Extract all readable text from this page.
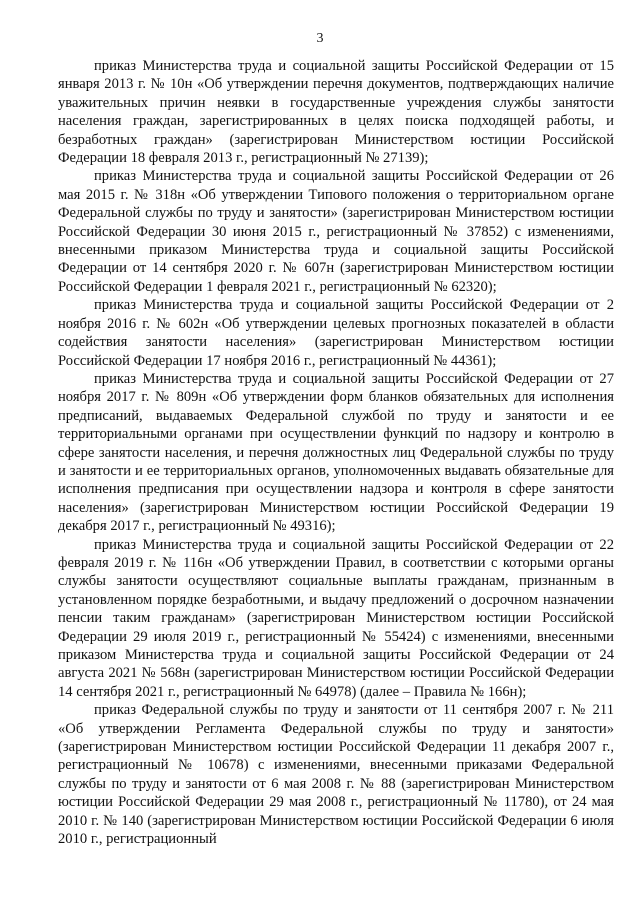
3

приказ Министерства труда и социальной защиты Российской Федерации от 15 января 2013 г. № 10н «Об утверждении перечня документов, подтверждающих наличие уважительных причин неявки в государственные учреждения службы занятости населения граждан, зарегистрированных в целях поиска подходящей работы, и безработных граждан» (зарегистрирован Министерством юстиции Российской Федерации 18 февраля 2013 г., регистрационный № 27139);

приказ Министерства труда и социальной защиты Российской Федерации от 26 мая 2015 г. № 318н «Об утверждении Типового положения о территориальном органе Федеральной службы по труду и занятости» (зарегистрирован Министерством юстиции Российской Федерации 30 июня 2015 г., регистрационный № 37852) с изменениями, внесенными приказом Министерства труда и социальной защиты Российской Федерации от 14 сентября 2020 г. № 607н (зарегистрирован Министерством юстиции Российской Федерации 1 февраля 2021 г., регистрационный № 62320);

приказ Министерства труда и социальной защиты Российской Федерации от 2 ноября 2016 г. № 602н «Об утверждении целевых прогнозных показателей в области содействия занятости населения» (зарегистрирован Министерством юстиции Российской Федерации 17 ноября 2016 г., регистрационный № 44361);

приказ Министерства труда и социальной защиты Российской Федерации от 27 ноября 2017 г. № 809н «Об утверждении форм бланков обязательных для исполнения предписаний, выдаваемых Федеральной службой по труду и занятости и ее территориальными органами при осуществлении функций по надзору и контролю в сфере занятости населения, и перечня должностных лиц Федеральной службы по труду и занятости и ее территориальных органов, уполномоченных выдавать обязательные для исполнения предписания при осуществлении надзора и контроля в сфере занятости населения» (зарегистрирован Министерством юстиции Российской Федерации 19 декабря 2017 г., регистрационный № 49316);

приказ Министерства труда и социальной защиты Российской Федерации от 22 февраля 2019 г. № 116н «Об утверждении Правил, в соответствии с которыми органы службы занятости осуществляют социальные выплаты гражданам, признанным в установленном порядке безработными, и выдачу предложений о досрочном назначении пенсии таким гражданам» (зарегистрирован Министерством юстиции Российской Федерации 29 июля 2019 г., регистрационный № 55424) с изменениями, внесенными приказом Министерства труда и социальной защиты Российской Федерации от 24 августа 2021 № 568н (зарегистрирован Министерством юстиции Российской Федерации 14 сентября 2021 г., регистрационный № 64978) (далее – Правила № 166н);

приказ Федеральной службы по труду и занятости от 11 сентября 2007 г. № 211 «Об утверждении Регламента Федеральной службы по труду и занятости» (зарегистрирован Министерством юстиции Российской Федерации 11 декабря 2007 г., регистрационный № 10678) с изменениями, внесенными приказами Федеральной службы по труду и занятости от 6 мая 2008 г. № 88 (зарегистрирован Министерством юстиции Российской Федерации 29 мая 2008 г., регистрационный № 11780), от 24 мая 2010 г. № 140 (зарегистрирован Министерством юстиции Российской Федерации 6 июля 2010 г., регистрационный
